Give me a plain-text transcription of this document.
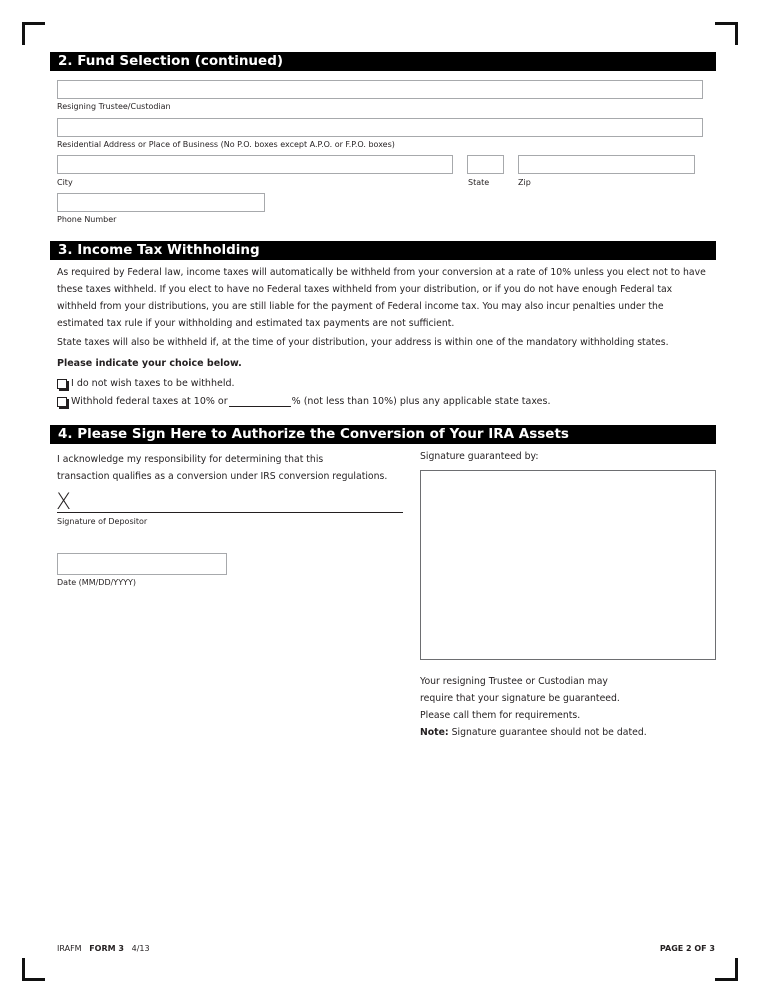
2. Fund Selection (continued)
Resigning Trustee/Custodian
Residential Address or Place of Business (No P.O. boxes except A.P.O. or F.P.O. boxes)
City	State	Zip
Phone Number
3. Income Tax Withholding

As required by Federal law, income taxes will automatically be withheld from your conversion at a rate of 10% unless you elect not to have these taxes withheld. If you elect to have no Federal taxes withheld from your distribution, or if you do not have enough Federal tax withheld from your distributions, you are still liable for the payment of Federal income tax. You may also incur penalties under the estimated tax rule if your withholding and estimated tax payments are not sufficient.

State taxes will also be withheld if, at the time of your distribution, your address is within one of the mandatory withholding states.

Please indicate your choice below.
I do not wish taxes to be withheld.
Withhold federal taxes at 10% or	% (not less than 10%) plus any applicable state taxes.
4. Please Sign Here to Authorize the Conversion of Your IRA Assets
I acknowledge my responsibility for determining that this
transaction qualifies as a conversion under IRS conversion regulations.
X
Signature of Depositor
Date (MM/DD/YYYY)
Signature guaranteed by:
Your resigning Trustee or Custodian may
require that your signature be guaranteed.
Please call them for requirements.
Note: Signature guarantee should not be dated.
IRAFM FORM 3 4/13	PAGE 2 OF 3
